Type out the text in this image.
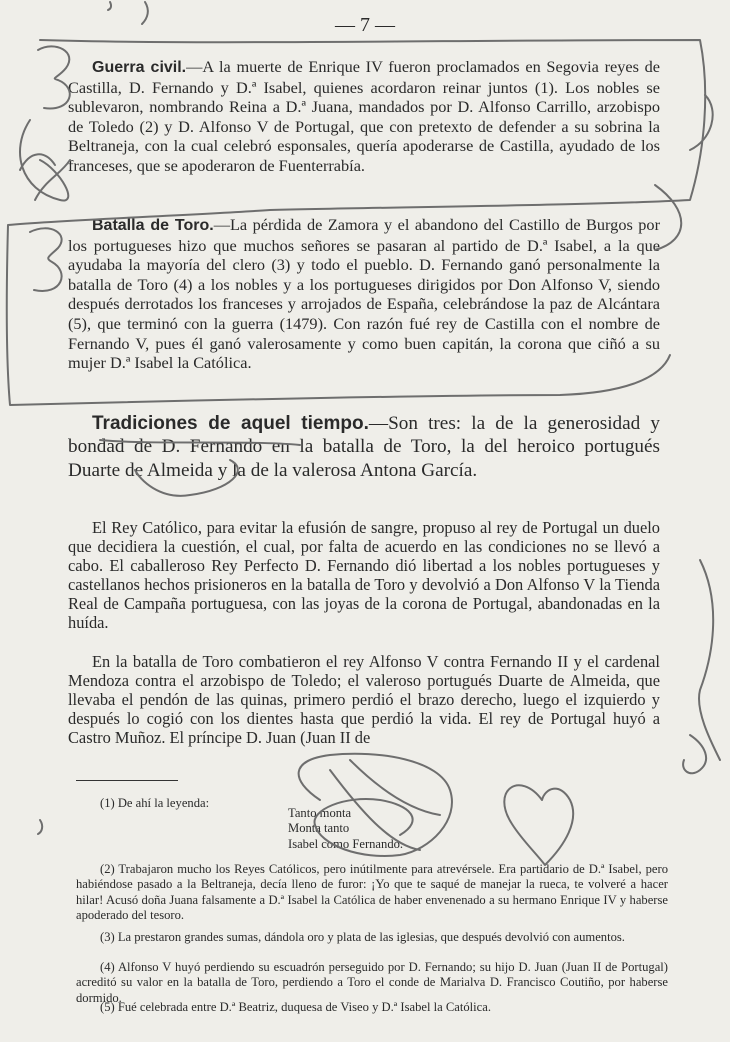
— 7 —

Guerra civil.—A la muerte de Enrique IV fueron proclamados en Segovia reyes de Castilla, D. Fernando y D.ª Isabel, quienes acordaron reinar juntos (1). Los nobles se sublevaron, nombrando Reina a D.ª Juana, mandados por D. Alfonso Carrillo, arzobispo de Toledo (2) y D. Alfonso V de Portugal, que con pretexto de defender a su sobrina la Beltraneja, con la cual celebró esponsales, quería apoderarse de Castilla, ayudado de los franceses, que se apoderaron de Fuenterrabía.

Batalla de Toro.—La pérdida de Zamora y el abandono del Castillo de Burgos por los portugueses hizo que muchos señores se pasaran al partido de D.ª Isabel, a la que ayudaba la mayoría del clero (3) y todo el pueblo. D. Fernando ganó personalmente la batalla de Toro (4) a los nobles y a los portugueses dirigidos por Don Alfonso V, siendo después derrotados los franceses y arrojados de España, celebrándose la paz de Alcántara (5), que terminó con la guerra (1479). Con razón fué rey de Castilla con el nombre de Fernando V, pues él ganó valerosamente y como buen capitán, la corona que ciñó a su mujer D.ª Isabel la Católica.

Tradiciones de aquel tiempo.—Son tres: la de la generosidad y bondad de D. Fernando en la batalla de Toro, la del heroico portugués Duarte de Almeida y la de la valerosa Antona García.

El Rey Católico, para evitar la efusión de sangre, propuso al rey de Portugal un duelo que decidiera la cuestión, el cual, por falta de acuerdo en las condiciones no se llevó a cabo. El caballeroso Rey Perfecto D. Fernando dió libertad a los nobles portugueses y castellanos hechos prisioneros en la batalla de Toro y devolvió a Don Alfonso V la Tienda Real de Campaña portuguesa, con las joyas de la corona de Portugal, abandonadas en la huída.

En la batalla de Toro combatieron el rey Alfonso V contra Fernando II y el cardenal Mendoza contra el arzobispo de Toledo; el valeroso portugués Duarte de Almeida, que llevaba el pendón de las quinas, primero perdió el brazo derecho, luego el izquierdo y después lo cogió con los dientes hasta que perdió la vida. El rey de Portugal huyó a Castro Muñoz. El príncipe D. Juan (Juan II de

(1) De ahí la leyenda:

Tanto monta
Monta tanto
Isabel como Fernando.

(2) Trabajaron mucho los Reyes Católicos, pero inútilmente para atrevérsele. Era partidario de D.ª Isabel, pero habiéndose pasado a la Beltraneja, decía lleno de furor: ¡Yo que te saqué de manejar la rueca, te volveré a hacer hilar! Acusó doña Juana falsamente a D.ª Isabel la Católica de haber envenenado a su hermano Enrique IV y haberse apoderado del tesoro.

(3) La prestaron grandes sumas, dándola oro y plata de las iglesias, que después devolvió con aumentos.

(4) Alfonso V huyó perdiendo su escuadrón perseguido por D. Fernando; su hijo D. Juan (Juan II de Portugal) acreditó su valor en la batalla de Toro, perdiendo a Toro el conde de Marialva D. Francisco Coutiño, por haberse dormido.

(5) Fué celebrada entre D.ª Beatriz, duquesa de Viseo y D.ª Isabel la Católica.
